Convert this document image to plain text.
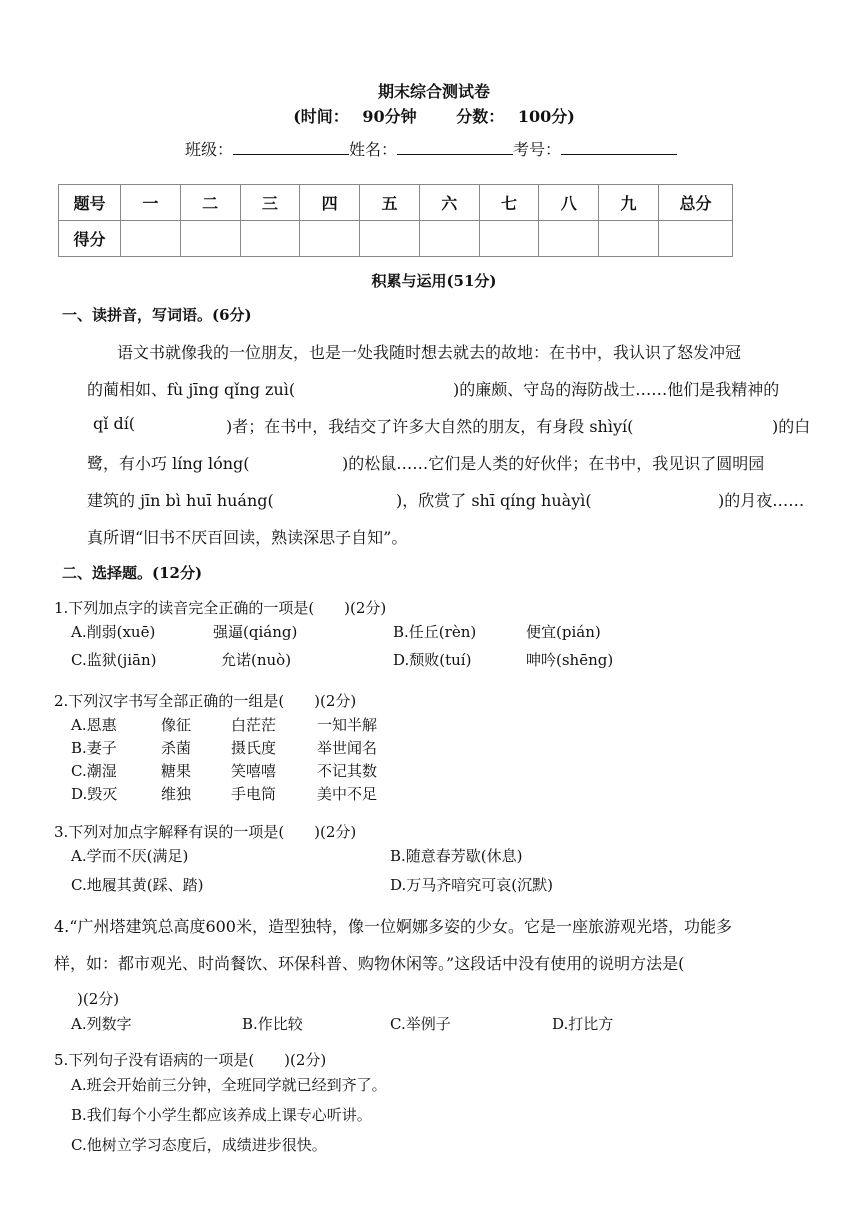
期末综合测试卷
(时间： 90分钟 分数： 100分)
班级：	姓名：	考号：
题号	一	二	三	四	五	六	七	八	九	总分
得分										
积累与运用(51分)
一、读拼音，写词语。(6分)
语文书就像我的一位朋友，也是一处我随时想去就去的故地：在书中，我认识了怒发冲冠
的蔺相如、fù jīng qǐng zuì(	)的廉颇、守岛的海防战士……他们是我精神的
qǐ dí(	)者；在书中，我结交了许多大自然的朋友，有身段 shìyí(	)的白
鹭，有小巧 líng lóng(	)的松鼠……它们是人类的好伙伴；在书中，我见识了圆明园
建筑的 jīn bì huī huáng(	)，欣赏了 shī qíng huàyì(	)的月夜……
真所谓“旧书不厌百回读，熟读深思子自知”。
二、选择题。(12分)
1.下列加点字的读音完全正确的一项是(　　)(2分)
A.削弱(xuē)	强逼(qiáng)	B.任丘(rèn)	便宜(pián)
C.监狱(jiān)	允诺(nuò)	D.颓败(tuí)	呻吟(shēng)
2.下列汉字书写全部正确的一组是(　　)(2分)
A.恩惠	像征	白茫茫	一知半解
B.妻子	杀菌	摄氏度	举世闻名
C.潮湿	糖果	笑嘻嘻	不记其数
D.毁灭	维独	手电筒	美中不足
3.下列对加点字解释有误的一项是(　　)(2分)
A.学而不厌(满足)	B.随意春芳歇(休息)
C.地履其黄(踩、踏)	D.万马齐喑究可哀(沉默)
4.“广州塔建筑总高度600米，造型独特，像一位婀娜多姿的少女。它是一座旅游观光塔，功能多
样，如：都市观光、时尚餐饮、环保科普、购物休闲等。”这段话中没有使用的说明方法是(
)(2分)
A.列数字	B.作比较	C.举例子	D.打比方
5.下列句子没有语病的一项是(　　)(2分)
A.班会开始前三分钟，全班同学就已经到齐了。
B.我们每个小学生都应该养成上课专心听讲。
C.他树立学习态度后，成绩进步很快。
